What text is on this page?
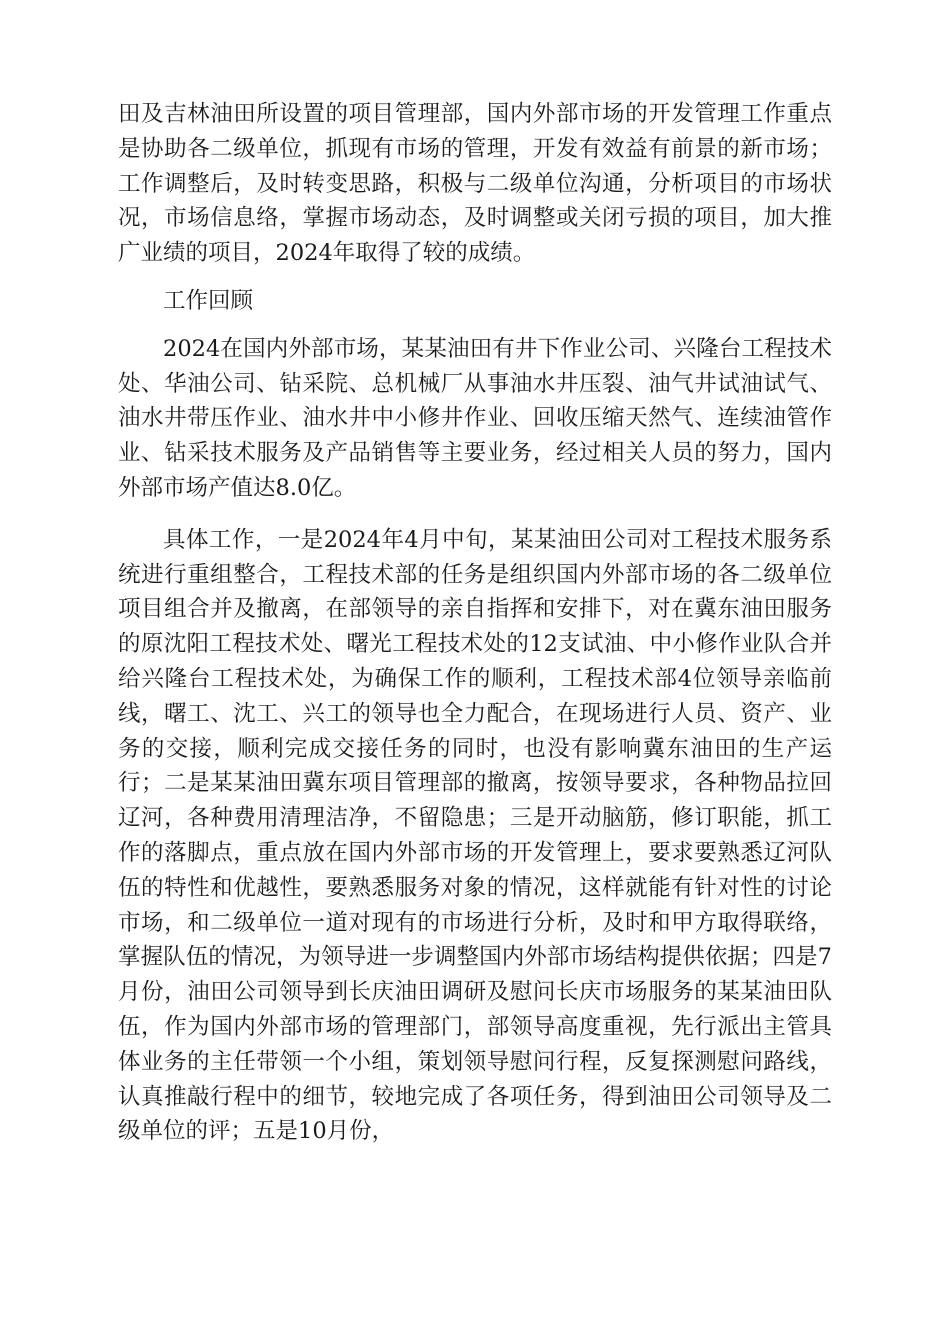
田及吉林油田所设置的项目管理部，国内外部市场的开发管理工作重点是协助各二级单位，抓现有市场的管理，开发有效益有前景的新市场；工作调整后，及时转变思路，积极与二级单位沟通，分析项目的市场状况，市场信息络，掌握市场动态，及时调整或关闭亏损的项目，加大推广业绩的项目，2024年取得了较的成绩。

工作回顾

2024在国内外部市场，某某油田有井下作业公司、兴隆台工程技术处、华油公司、钻采院、总机械厂从事油水井压裂、油气井试油试气、油水井带压作业、油水井中小修井作业、回收压缩天然气、连续油管作业、钻采技术服务及产品销售等主要业务，经过相关人员的努力，国内外部市场产值达8.0亿。

具体工作，一是2024年4月中旬，某某油田公司对工程技术服务系统进行重组整合，工程技术部的任务是组织国内外部市场的各二级单位项目组合并及撤离，在部领导的亲自指挥和安排下，对在冀东油田服务的原沈阳工程技术处、曙光工程技术处的12支试油、中小修作业队合并给兴隆台工程技术处，为确保工作的顺利，工程技术部4位领导亲临前线，曙工、沈工、兴工的领导也全力配合，在现场进行人员、资产、业务的交接，顺利完成交接任务的同时，也没有影响冀东油田的生产运行；二是某某油田冀东项目管理部的撤离，按领导要求，各种物品拉回辽河，各种费用清理洁净，不留隐患；三是开动脑筋，修订职能，抓工作的落脚点，重点放在国内外部市场的开发管理上，要求要熟悉辽河队伍的特性和优越性，要熟悉服务对象的情况，这样就能有针对性的讨论市场，和二级单位一道对现有的市场进行分析，及时和甲方取得联络，掌握队伍的情况，为领导进一步调整国内外部市场结构提供依据；四是7月份，油田公司领导到长庆油田调研及慰问长庆市场服务的某某油田队伍，作为国内外部市场的管理部门，部领导高度重视，先行派出主管具体业务的主任带领一个小组，策划领导慰问行程，反复探测慰问路线，认真推敲行程中的细节，较地完成了各项任务，得到油田公司领导及二级单位的评；五是10月份，
